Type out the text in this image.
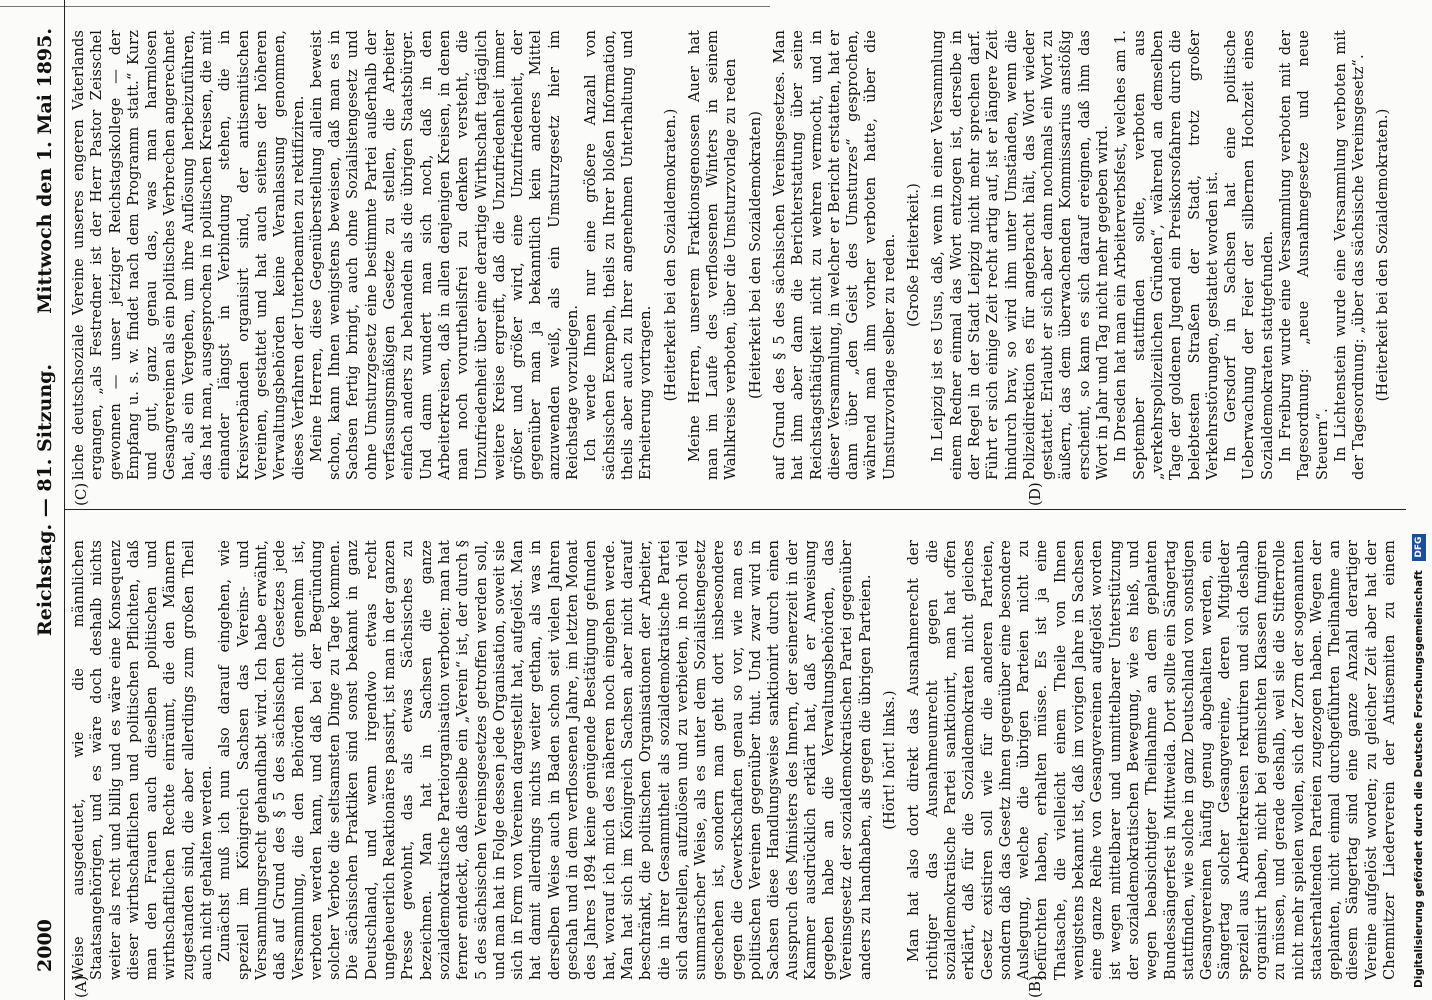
2000
Reichstag. — 81. Sitzung.
Mittwoch den 1. Mai 1895.
(A)	(B)
(C)	(D)

Weise ausgedeutet, wie die männlichen Staatsangehörigen, und es wäre doch deshalb nichts weiter als recht und billig und es wäre eine Konsequenz dieser wirthschaftlichen und politischen Pflichten, daß man den Frauen auch dieselben politischen und wirthschaftlichen Rechte einräumt, die den Männern zugestanden sind, die aber allerdings zum großen Theil auch nicht gehalten werden. Zunächst muß ich nun also darauf eingehen, wie speziell im Königreich Sachsen das Vereins- und Versammlungsrecht gehandhabt wird. Ich habe erwähnt, daß auf Grund des § 5 des sächsischen Gesetzes jede Versammlung, die den Behörden nicht genehm ist, verboten werden kann, und daß bei der Begründung solcher Verbote die seltsamsten Dinge zu Tage kommen. Die sächsischen Praktiken sind sonst bekannt in ganz Deutschland, und wenn irgendwo etwas recht ungeheuerlich Reaktionäres passirt, ist man in der ganzen Presse gewohnt, das als etwas Sächsisches zu bezeichnen. Man hat in Sachsen die ganze sozialdemokratische Parteiorganisation verboten; man hat ferner entdeckt, daß dieselbe ein „Verein“ ist, der durch § 5 des sächsischen Vereinsgesetzes getroffen werden soll, und man hat in Folge dessen jede Organisation, soweit sie sich in Form von Vereinen dargestellt hat, aufgelöst. Man hat damit allerdings nichts weiter gethan, als was in derselben Weise auch in Baden schon seit vielen Jahren geschah und in dem verflossenen Jahre, im letzten Monat des Jahres 1894 keine genügende Bestätigung gefunden hat, worauf ich mich des näheren noch eingehen werde. Man hat sich im Königreich Sachsen aber nicht darauf beschränkt, die politischen Organisationen der Arbeiter, die in ihrer Gesammtheit als sozialdemokratische Partei sich darstellen, aufzulösen und zu verbieten, in noch viel summarischer Weise, als es unter dem Sozialistengesetz geschehen ist, sondern man geht dort insbesondere gegen die Gewerkschaften genau so vor, wie man es politischen Vereinen gegenüber thut. Und zwar wird in Sachsen diese Handlungsweise sanktionirt durch einen Ausspruch des Ministers des Innern, der seinerzeit in der Kammer ausdrücklich erklärt hat, daß er Anweisung gegeben habe an die Verwaltungsbehörden, das Vereinsgesetz der sozialdemokratischen Partei gegenüber anders zu handhaben, als gegen die übrigen Parteien. (Hört! hört! links.)

Man hat also dort direkt das Ausnahmerecht der richtiger das Ausnahmeunrecht gegen die sozialdemokratische Partei sanktionirt, man hat offen erklärt, daß für die Sozialdemokraten nicht gleiches Gesetz existiren soll wie für die anderen Parteien, sondern daß das Gesetz ihnen gegenüber eine besondere Auslegung, welche die übrigen Parteien nicht zu befürchten haben, erhalten müsse. Es ist ja eine Thatsache, die vielleicht einem Theile von Ihnen wenigstens bekannt ist, daß im vorigen Jahre in Sachsen eine ganze Reihe von Gesangvereinen aufgelöst worden ist wegen mittelbarer und unmittelbarer Unterstützung der sozialdemokratischen Bewegung, wie es hieß, und wegen beabsichtigter Theilnahme an dem geplanten Bundessängerfest in Mittweida. Dort sollte ein Sängertag stattfinden, wie solche in ganz Deutschland von sonstigen Gesangvereinen häufig genug abgehalten werden, ein Sängertag solcher Gesangvereine, deren Mitglieder speziell aus Arbeiterkreisen rekrutiren und sich deshalb organisirt haben, nicht bei gemischten Klassen fungiren zu müssen, und gerade deshalb, weil sie die Stifterrolle nicht mehr spielen wollen, sich der Zorn der sogenannten staatserhaltenden Parteien zugezogen haben. Wegen der geplanten, nicht einmal durchgeführten Theilnahme an diesem Sängertag sind eine ganze Anzahl derartiger Vereine aufgelöst worden; zu gleicher Zeit aber hat der Chemnitzer Liederverein der Antisemiten zu einem

liche deutschsoziale Vereine unseres engeren Vaterlands ergangen, „als Festredner ist der Herr Pastor Zeisschel gewonnen — unser jetziger Reichstagskollege — der Empfang u. s. w. findet nach dem Programm statt.“ Kurz und gut, ganz genau das, was man harmlosen Gesangvereinen als ein politisches Verbrechen angerechnet hat, als ein Vergehen, um ihre Auflösung herbeizuführen, das hat man, ausgesprochen in politischen Kreisen, die mit einander längst in Verbindung stehen, die in Kreisverbänden organisirt sind, der antisemitischen Vereinen, gestattet und hat auch seitens der höheren Verwaltungsbehörden keine Veranlassung genommen, dieses Verfahren der Unterbeamten zu rektifiziren. Meine Herren, diese Gegenüberstellung allein beweist schon, kann Ihnen wenigstens beweisen, daß man es in Sachsen fertig bringt, auch ohne Sozialistengesetz und ohne Umsturzgesetz eine bestimmte Partei außerhalb der verfassungsmäßigen Gesetze zu stellen, die Arbeiter einfach anders zu behandeln als die übrigen Staatsbürger. Und dann wundert man sich noch, daß in den Arbeiterkreisen, daß in allen denjenigen Kreisen, in denen man noch vorurtheilsfrei zu denken versteht, die Unzufriedenheit über eine derartige Wirthschaft tagtäglich weitere Kreise ergreift, daß die Unzufriedenheit immer größer und größer wird, eine Unzufriedenheit, der gegenüber man ja bekanntlich kein anderes Mittel anzuwenden weiß, als ein Umsturzgesetz hier im Reichstage vorzulegen. Ich werde Ihnen nur eine größere Anzahl von sächsischen Exempeln, theils zu Ihrer bloßen Information, theils aber auch zu Ihrer angenehmen Unterhaltung und Erheiterung vortragen. (Heiterkeit bei den Sozialdemokraten.) Meine Herren, unserem Fraktionsgenossen Auer hat man im Laufe des verflossenen Winters in seinem Wahlkreise verboten, über die Umsturzvorlage zu reden (Heiterkeit bei den Sozialdemokraten) auf Grund des § 5 des sächsischen Vereinsgesetzes. Man hat ihm aber dann die Berichterstattung über seine Reichstagsthätigkeit nicht zu wehren vermocht, und in dieser Versammlung, in welcher er Bericht erstatten, hat er dann über „den Geist des Umsturzes“ gesprochen, während man ihm vorher verboten hatte, über die Umsturzvorlage selber zu reden. (Große Heiterkeit.) In Leipzig ist es Usus, daß, wenn in einer Versammlung einem Redner einmal das Wort entzogen ist, derselbe in der Regel in der Stadt Leipzig nicht mehr sprechen darf. Führt er sich einige Zeit recht artig auf, ist er längere Zeit hindurch brav, so wird ihm unter Umständen, wenn die Polizeidirektion es für angebracht hält, das Wort wieder gestattet. Erlaubt er sich aber dann nochmals ein Wort zu äußern, das dem überwachenden Kommissarius anstößig erscheint, so kann es sich darauf ereignen, daß ihm das Wort in Jahr und Tag nicht mehr gegeben wird. In Dresden hat man ein Arbeiterverbsfest, welches am 1. September stattfinden sollte, verboten aus „verkehrspolizeilichen Gründen“, während an demselben Tage der goldenen Jugend ein Preiskorsofahren durch die belebtesten Straßen der Stadt, trotz großer Verkehrsstörungen, gestattet worden ist. In Gersdorf in Sachsen hat eine politische Ueberwachung der Feier der silbernen Hochzeit eines Sozialdemokraten stattgefunden. In Freiburg wurde eine Versammlung verboten mit der Tagesordnung: „neue Ausnahmegesetze und neue Steuern“. In Lichtenstein wurde eine Versammlung verboten mit der Tagesordnung: „über das sächsische Vereinsgesetz“. (Heiterkeit bei den Sozialdemokraten.)

Digitalisierung gefördert durch die Deutsche Forschungsgemeinschaft DFG
